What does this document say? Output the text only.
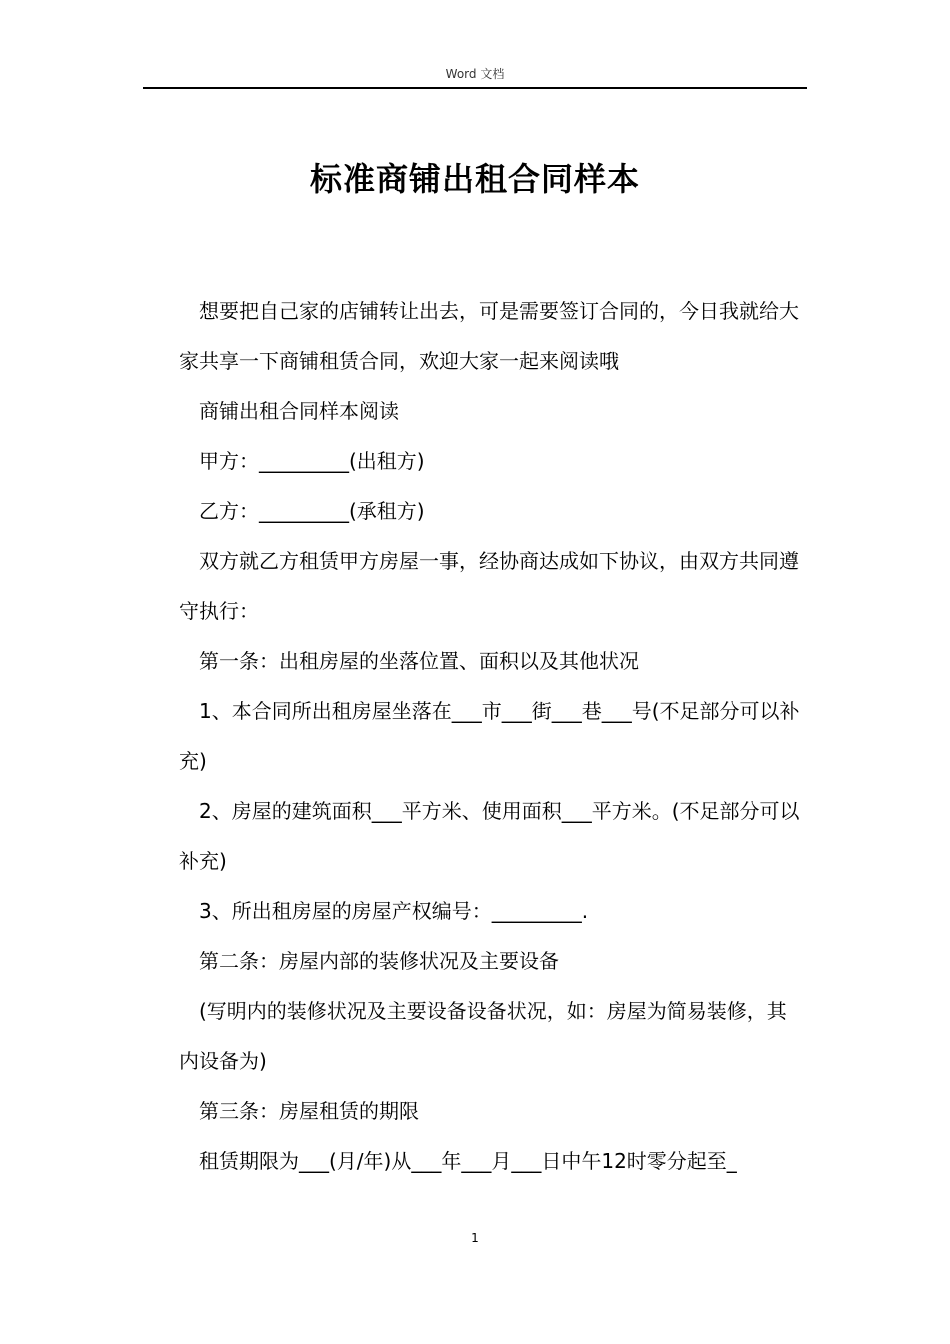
Word 文档
标准商铺出租合同样本

想要把自己家的店铺转让出去，可是需要签订合同的，今日我就给大家共享一下商铺租赁合同，欢迎大家一起来阅读哦

商铺出租合同样本阅读

甲方：_________(出租方)

乙方：_________(承租方)

双方就乙方租赁甲方房屋一事，经协商达成如下协议，由双方共同遵守执行：

第一条：出租房屋的坐落位置、面积以及其他状况

1、本合同所出租房屋坐落在___市___街___巷___号(不足部分可以补充)

2、房屋的建筑面积___平方米、使用面积___平方米。(不足部分可以补充)

3、所出租房屋的房屋产权编号：_________.

第二条：房屋内部的装修状况及主要设备

(写明内的装修状况及主要设备设备状况，如：房屋为简易装修，其内设备为)

第三条：房屋租赁的期限

租赁期限为___(月/年)从___年___月___日中午12时零分起至_

1
